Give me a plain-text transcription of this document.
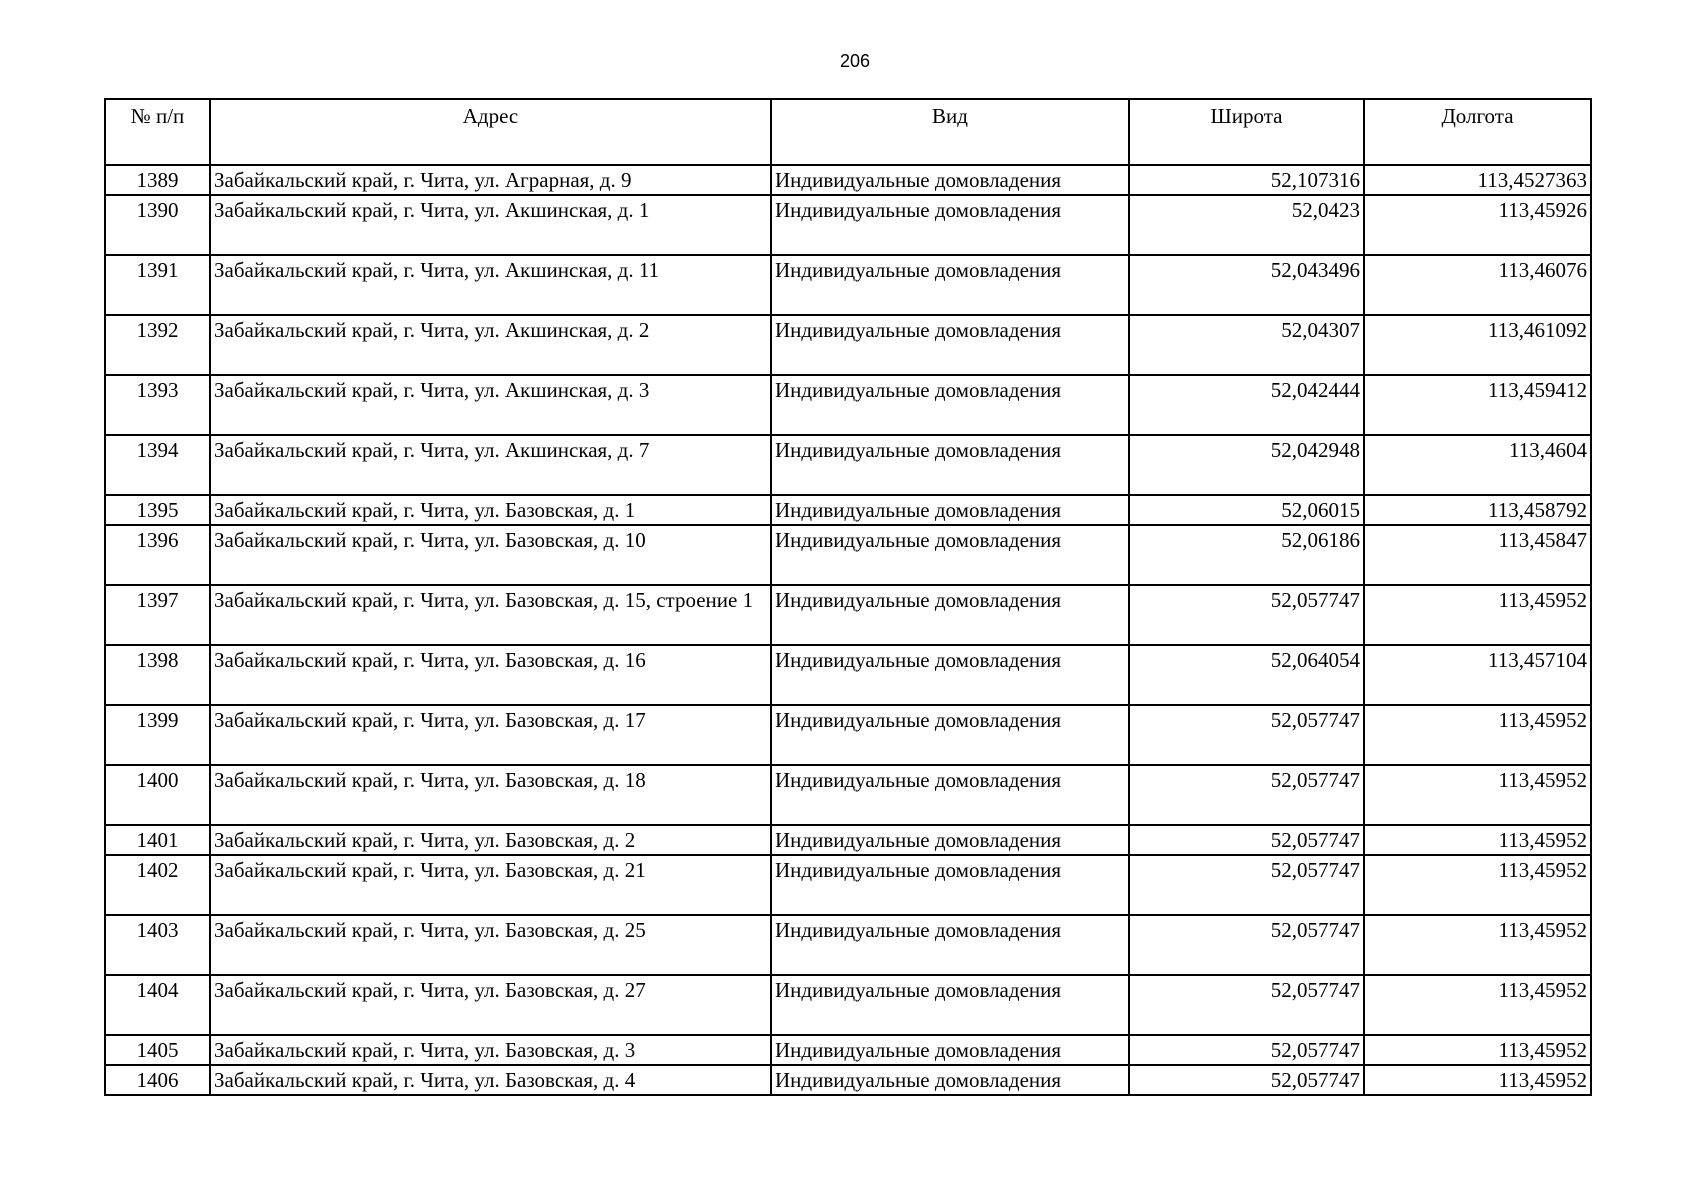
206
№ п/п	Адрес	Вид	Широта	Долгота
1389	Забайкальский край, г. Чита, ул. Аграрная, д. 9	Индивидуальные домовладения	52,107316	113,4527363
1390	Забайкальский край, г. Чита, ул. Акшинская, д. 1	Индивидуальные домовладения	52,0423	113,45926
1391	Забайкальский край, г. Чита, ул. Акшинская, д. 11	Индивидуальные домовладения	52,043496	113,46076
1392	Забайкальский край, г. Чита, ул. Акшинская, д. 2	Индивидуальные домовладения	52,04307	113,461092
1393	Забайкальский край, г. Чита, ул. Акшинская, д. 3	Индивидуальные домовладения	52,042444	113,459412
1394	Забайкальский край, г. Чита, ул. Акшинская, д. 7	Индивидуальные домовладения	52,042948	113,4604
1395	Забайкальский край, г. Чита, ул. Базовская, д. 1	Индивидуальные домовладения	52,06015	113,458792
1396	Забайкальский край, г. Чита, ул. Базовская, д. 10	Индивидуальные домовладения	52,06186	113,45847
1397	Забайкальский край, г. Чита, ул. Базовская, д. 15, строение 1	Индивидуальные домовладения	52,057747	113,45952
1398	Забайкальский край, г. Чита, ул. Базовская, д. 16	Индивидуальные домовладения	52,064054	113,457104
1399	Забайкальский край, г. Чита, ул. Базовская, д. 17	Индивидуальные домовладения	52,057747	113,45952
1400	Забайкальский край, г. Чита, ул. Базовская, д. 18	Индивидуальные домовладения	52,057747	113,45952
1401	Забайкальский край, г. Чита, ул. Базовская, д. 2	Индивидуальные домовладения	52,057747	113,45952
1402	Забайкальский край, г. Чита, ул. Базовская, д. 21	Индивидуальные домовладения	52,057747	113,45952
1403	Забайкальский край, г. Чита, ул. Базовская, д. 25	Индивидуальные домовладения	52,057747	113,45952
1404	Забайкальский край, г. Чита, ул. Базовская, д. 27	Индивидуальные домовладения	52,057747	113,45952
1405	Забайкальский край, г. Чита, ул. Базовская, д. 3	Индивидуальные домовладения	52,057747	113,45952
1406	Забайкальский край, г. Чита, ул. Базовская, д. 4	Индивидуальные домовладения	52,057747	113,45952
